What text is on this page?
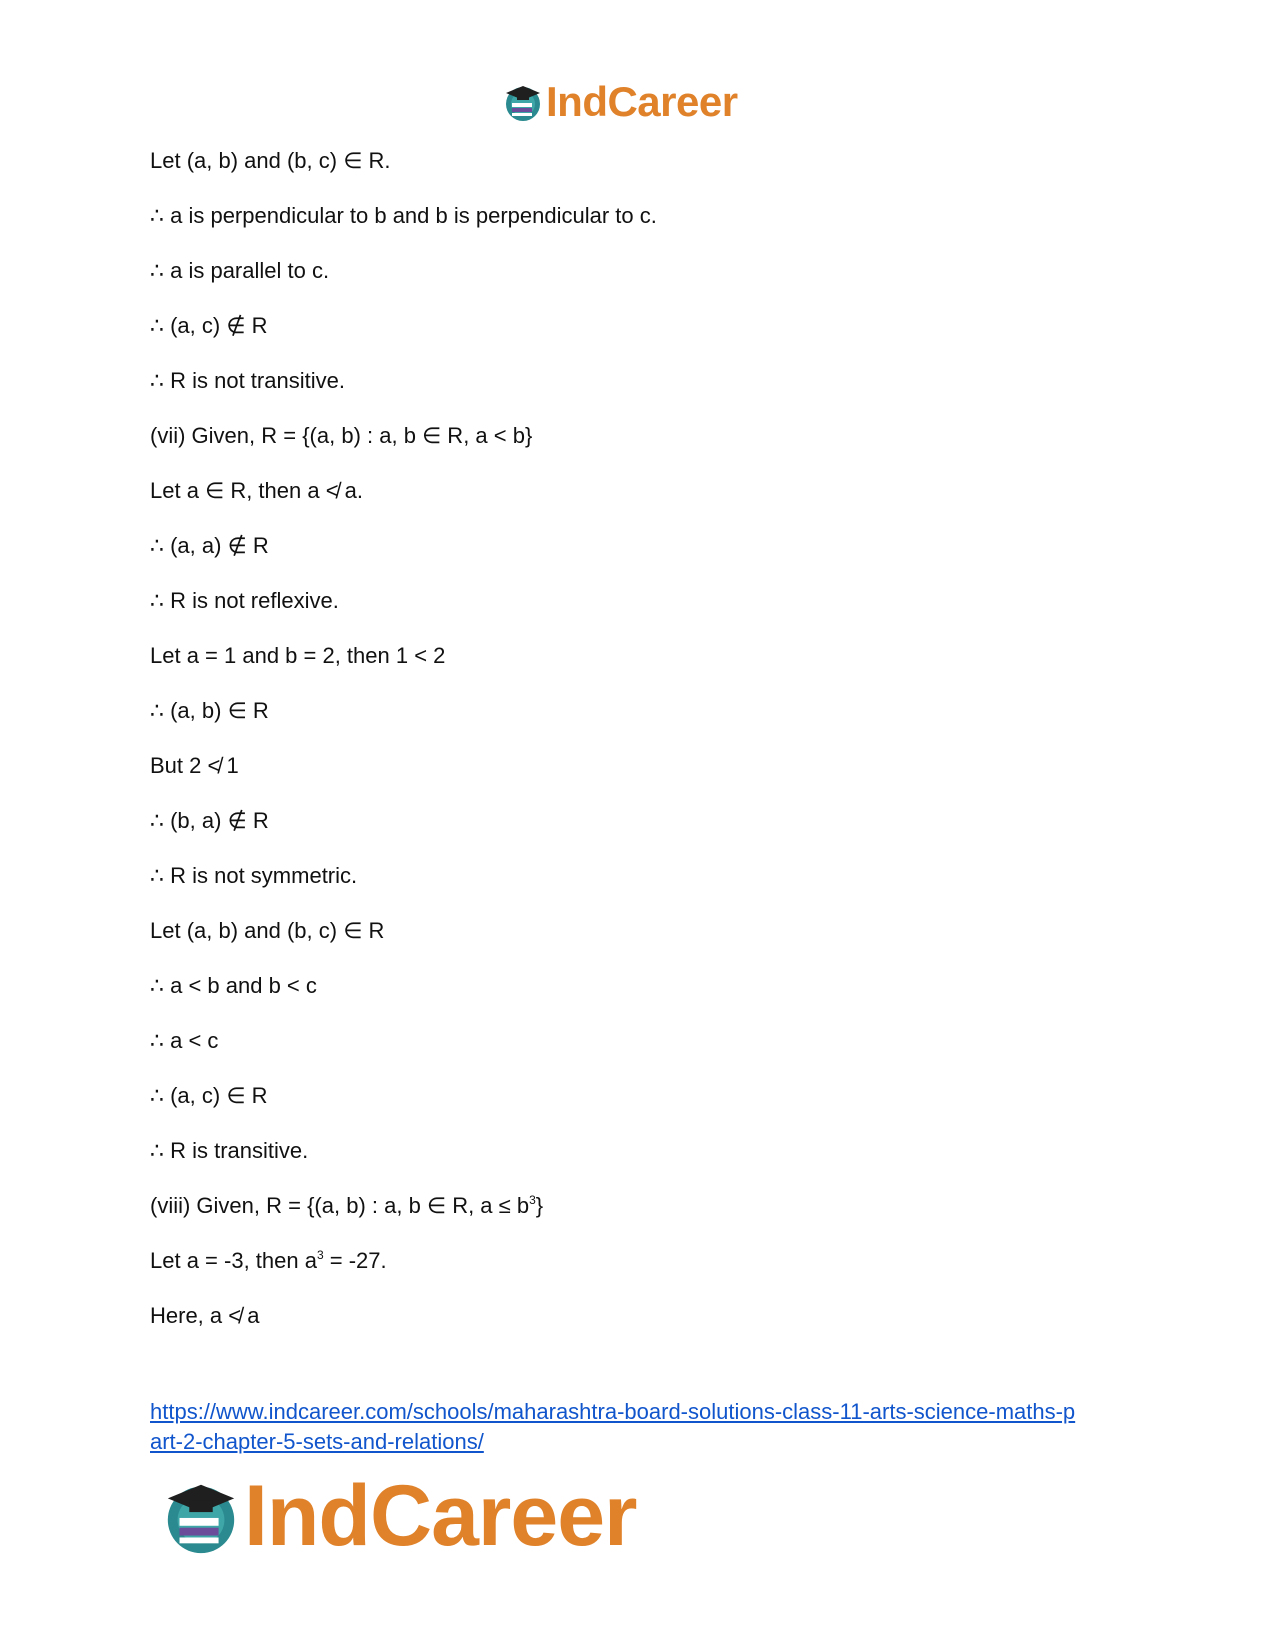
IndCareer
Let (a, b) and (b, c) ∈ R.
∴ a is perpendicular to b and b is perpendicular to c.
∴ a is parallel to c.
∴ (a, c) ∉ R
∴ R is not transitive.
(vii) Given, R = {(a, b) : a, b ∈ R, a < b}
Let a ∈ R, then a ≮ a.
∴ (a, a) ∉ R
∴ R is not reflexive.
Let a = 1 and b = 2, then 1 < 2
∴ (a, b) ∈ R
But 2 ≮ 1
∴ (b, a) ∉ R
∴ R is not symmetric.
Let (a, b) and (b, c) ∈ R
∴ a < b and b < c
∴ a < c
∴ (a, c) ∈ R
∴ R is transitive.
(viii) Given, R = {(a, b) : a, b ∈ R, $a \le b^3$}
Let a = -3, then $a^3 = -27$.
Here, a ≮ a
https://www.indcareer.com/schools/maharashtra-board-solutions-class-11-arts-science-maths-p
art-2-chapter-5-sets-and-relations/
IndCareer
